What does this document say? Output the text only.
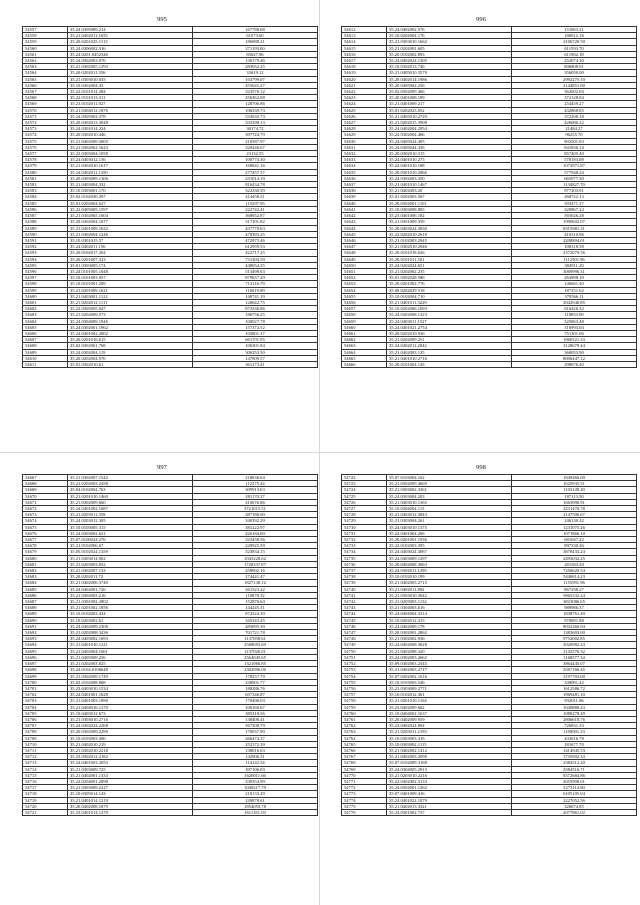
995
54557	35.24.0305089.214	167788.68
54558	35.21.0402011.1655	61073.60
54559	35.20.0201025.1113	186088.21
54560	35.24.0306002.316	271193.00
54561	35.24.0201.0452346	83627.96
54562	35.24.0302003.076	130179.46
54563	35.21.0302005.1293	283652.25
54564	35.20.0202011.356	33619.12
54565	35.21.0303010.035	163799.07
54566	35.10.0302004.35	455641.27
54567	35.22.0101014.384	323576.12
54568	35.22.0101013.311	256362.08
54569	35.23.0102011.827	128706.86
54570	35.21.0304012.1876	106339.73
54571	35.24.0305004.378	533635.73
54572	35.20.0402013.3048	333398.13
54573	35.24.0301014.224	30174.72
54574	35.20.0302010.446	397724.79
54575	35.21.0402009.3005	210587.97
54576	35.21.0302062.1623	320446.67
54577	35.22.0305004.1058	23132.55
54578	35.24.0403012.136	100774.30
54579	35.21.0302010.1617	168841.16
54580	35.24.0402011.1350	277457.57
54581	35.20.0303009.1306	231014.19
54582	35.21.0403004.332	816434.78
54583	35.10.0303001.170	322330.59
54584	35.02.0102030.297	414458.21
54585	35.01.0202004.627	115297.95
54586	35.22.0405005.1597	222742.41
54587	35.21.0302065.1604	368652.87
54588	35.20.0302004.1077	317101.82
54589	35.21.0401009.1632	437770.63
54590	35.21.0302004.1246	478393.25
54591	35.10.0301015.57	472975.46
54592	35.24.0402011.156	612959.53
54593	35.20.0102017.204	422717.25
54594	35.20.0201007.323	731304.59
54595	35.01.0303005.174	448054.35
54596	35.24.0101005.1048	513498.63
54597	35.10.0101003.957	879657.29
54598	35.10.0101001.209	713116.79
54599	35.21.0201009.1621	110019.89
54600	35.21.0403001.1122	148741.19
54601	35.21.0202012.1111	120642.75
54602	35.22.0305005.947	873336.86
54603	35.21.0202009.573	186756.25
54604	35.24.0304009.1946	100027.78
54605	35.24.0302001.1962	157372.52
54606	35.24.0401002.2802	103801.37
54607	35.20.0201016.615	661701.95
54608	35.02.0302001.768	106301.84
54609	35.24.0302004.119	306353.50
54610	35.20.0202004.970	147809.57
54611	35.01.0302010.61	361273.41
996
54612	35.24.0402002.576	151063.21
54613	35.10.0202004.176	180012.16
54614	35.21.0303010.1662	2106720.50
54615	35.21.0202001.605	611593.70
54616	35.20.0102002.893	611962.18
54617	35.24.0402024.1305	252074.30
54618	35.10.0302013.746	806808.01
54619	35.21.0405010.3579	356050.00
54620	35.20.0402014.1986	2992275.10
54621	35.20.0405002.256	2144851.00
54622	35.02.0302009.466	362602.04
54623	35.20.0401008.189	372128.04
54624	35.21.0401009.217	254459.27
54625	35.01.0202023.052	432868.05
54626	35.21.0405010.2729	372298.18
54627	35.21.0202015.3908	426686.22
54628	35.24.0402004.2954	21484.27
54629	35.24.0302004.466	96255.70
54630	35.24.0405024.495	902501.03
54631	35.24.0305044.336	841836.14
54632	35.20.0302010.315	857405.40
54633	35.24.0401010.275	578183.08
54634	35.24.0401010.108	1072971.87
54635	35.20.0301010.2966	577948.24
54636	35.24.0302003.350	665077.30
54637	35.21.0401010.1467	1134827.70
54638	35.21.0402003.20	977203.91
54639	35.01.0202003.567	268722.13
54640	35.20.0302001.1101	393471.37
54641	35.10.0303008.883	320867.24
54642	35.23.0401006.182	565026.28
54643	35.21.0301009.359	1990602.07
54644	35.20.0403024.3830	8315981.31
54645	35.22.0202010.2618	410310.96
54646	35.21.0102003.2945	2208804.01
54647	35.21.0302010.2946	100318.58
54648	35.20.0101018.626	2372070.56
54649	35.20.0101011.501	1112501.96
54650	35.24.0202024.651	384911.20
54651	35.21.0202002.235	3069996.31
54652	35.01.0302028.586	263898.19
54653	35.20.0201002.776	146661.40
54654	35.08.0202029.518	187351.62
54655	35.10.0102004.710	370566.11
54656	35.21.0401011.3229	2942940.85
54657	35.10.0202006.1093	616426.32
54658	35.24.0302008.1323	118853.89
54659	35.24.0403011.1527	325863.48
54660	35.24.0401021.2754	310993.04
54661	35.20.0202010.936	751301.06
54662	35.21.0202009.251	1860321.33
54663	35.24.0402011.2042	3128679.44
54664	35.21.0402003.135	360053.90
54665	35.21.0401010.2716	8006447.12
54666	35.20.0101004.145	298676.40
997
54667	35.21.0302007.1542	218636.64
54668	35.21.0202003.2458	112275.44
54669	35.04.0102004.763	309913.63
54670	35.21.0201010.1460	281170.27
54671	35.21.0302009.660	410676.86
54672	35.24.0401002.1687	3721015.51
54673	35.21.0203011.358	387186.00
54674	35.24.0203012.305	340392.29
54675	35.10.0105005.315	381222.97
54676	35.24.0303002.621	426184.60
54677	35.07.0106024.276	323458.56
54678	35.21.0102006.67	220925.59
54679	35.05.0102024.1359	523834.15
54680	35.21.0303014.902	1045228.62
54681	35.21.0203003.832	1728337.87
54682	35.21.0302007.133	258002.16
54683	35.20.0202011.72	274441.47
54684	35.21.0402006.3740	1827138.12
54685	35.24.0402001.726	261523.22
54686	35.21.0302003.216	110878.32
54687	35.21.0301002.2802	152876.64
54688	35.21.0201002.1856	144245.31
54689	35.10.0102002.434	874324.39
54690	35.10.0203002.61	345343.45
54691	35.24.0402009.2306	483095.39
54692	35.21.0202008.3436	701721.78
54693	35.24.0403002.1693	1137058.61
54694	35.21.0401010.1221	2568055.69
54695	35.21.0402004.1661	1137026.01
54696	35.21.0405009.256	2564045.65
54697	35.21.0202003.825	1321066.85
54698	35.24.0104.0106648	2302096.00
54699	35.21.0302009.1749	178257.79
54700	35.02.0102008.868	238001.77
54701	35.23.0403010.1534	188286.76
54702	35.24.0401001.1628	657346.87
54703	35.21.0401003.1890	170496.03
54704	35.21.0404016.1270	106160.67
54705	35.10.0403012.673	385318.56
54706	35.21.0303010.2716	138400.41
54707	35.24.0302024.2268	567308.79
54708	35.20.0302009.2290	170037.90
54709	35.10.0103003.300	266474.37
54710	35.21.0402010.219	252572.39
54711	35.21.0302010.2218	138016.63
54712	35.23.0302012.2182	142906.31
54713	35.24.0401003.2053	114142.54
54714	35.21.0303009.725	397106.03
54715	35.21.0402001.1333	1620011.66
54716	35.22.0204001.2098	330354.99
54717	35.21.0303009.2227	1040217.79
54718	35.10.0305014.143	218133.29
54719	35.21.0401014.1219	249878.61
54720	35.20.0402008.1879	1854055.78
54721	35.23.0401014.1279	1611351.03
998
54722	35.07.0103004.162	1849466.00
54723	35.21.0302009.4669	1625935.51
54724	35.21.0303002.3361	1103149.20
54725	35.24.0303004.203	187113.50
54726	35.21.0403010.1365	1663996.91
54727	35.10.0304004.113	3231476.78
54728	35.21.0403012.3843	2147596.67
54729	35.21.0303004.261	246130.32
54730	35.24.0403010.1375	1231075.26
54731	35.24.0401004.206	1071866.10
54732	35.20.0201001.1936	681047.22
54733	35.22.0102003.395	897330.26
54734	35.24.0403024.3067	3878433.24
54735	35.24.0403009.1297	2493032.25
54736	35.20.0402008.3063	281583.29
54737	35.24.0302011.1295	7256620.54
54738	35.10.0102010.199	5446814.23
54739	35.21.0402003.2715	1155991.96
54740	35.21.0402011.882	867298.27
54741	35.21.0303010.3042	5865332.24
54742	35.21.0203003.1132	3823086.65
54743	35.21.0304003.616	989986.37
54744	35.24.0404004.3314	1838761.49
54745	35.10.0302012.415	970691.88
54746	35.24.0402009.178	8032266.94
54747	35.20.0302001.2862	1383603.00
54748	35.21.0302002.936	9752002.85
54749	35.24.0402008.3628	5020982.23
54750	35.21.0402008.320	2142576.32
54751	35.24.0302005.2662	1168577.34
54752	35.09.0302003.2345	3864445.07
54753	35.21.0402003.2717	2567166.45
54754	35.07.0302002.1616	3197703.00
54755	35.10.0103003.546	338091.42
54756	35.21.0303009.2771	1612586.72
54757	35.10.0102012.361	1969481.10
54758	35.21.0201010.1164	832011.86
54759	35.23.0402009.662	1040880.43
54760	35.10.0404002.1637	1080278.49
54761	35.20.0402009.959	2806618.76
54762	35.23.0402024.894	726831.33
54763	35.21.0203011.2193	1100001.23
54764	35.10.0303003.316	433016.78
54765	35.10.0303002.1115	281677.70
54766	35.21.0402002.1412	1414945.53
54767	35.21.0402003.2098	1735902.33
54768	35.07.0102009.3168	2384512.20
54769	35.24.0304005.2913	2584516.71
54770	35.21.0203010.2216	8372684.86
54771	35.22.0402002.3133	2055908.01
54772	35.24.0302001.1262	3273114.80
54773	35.07.0401009.416	6105105.04
54774	35.24.0401022.1079	2227052.56
54775	35.21.0402013.3321	326074.85
54776	35.24.0301002.737	2077861.02
